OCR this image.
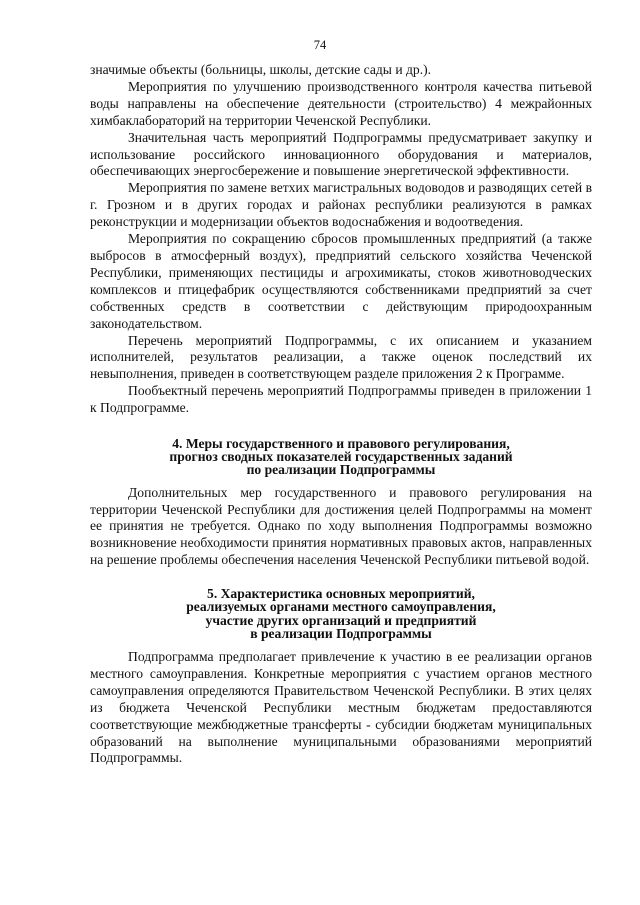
74

значимые объекты (больницы, школы, детские сады и др.).

Мероприятия по улучшению производственного контроля качества питьевой воды направлены на обеспечение деятельности (строительство) 4 межрайонных химбаклабораторий на территории Чеченской Республики.

Значительная часть мероприятий Подпрограммы предусматривает закупку и использование российского инновационного оборудования и материалов, обеспечивающих энергосбережение и повышение энергетической эффективности.

Мероприятия по замене ветхих магистральных водоводов и разводящих сетей в г. Грозном и в других городах и районах республики реализуются в рамках реконструкции и модернизации объектов водоснабжения и водоотведения.

Мероприятия по сокращению сбросов промышленных предприятий (а также выбросов в атмосферный воздух), предприятий сельского хозяйства Чеченской Республики, применяющих пестициды и агрохимикаты, стоков животноводческих комплексов и птицефабрик осуществляются собственниками предприятий за счет собственных средств в соответствии с действующим природоохранным законодательством.

Перечень мероприятий Подпрограммы, с их описанием и указанием исполнителей, результатов реализации, а также оценок последствий их невыполнения, приведен в соответствующем разделе приложения 2 к Программе.

Пообъектный перечень мероприятий Подпрограммы приведен в приложении 1 к Подпрограмме.

4. Меры государственного и правового регулирования,
прогноз сводных показателей государственных заданий
по реализации Подпрограммы

Дополнительных мер государственного и правового регулирования на территории Чеченской Республики для достижения целей Подпрограммы на момент ее принятия не требуется. Однако по ходу выполнения Подпрограммы возможно возникновение необходимости принятия нормативных правовых актов, направленных на решение проблемы обеспечения населения Чеченской Республики питьевой водой.

5. Характеристика основных мероприятий,
реализуемых органами местного самоуправления,
участие других организаций и предприятий
в реализации Подпрограммы

Подпрограмма предполагает привлечение к участию в ее реализации органов местного самоуправления. Конкретные мероприятия с участием органов местного самоуправления определяются Правительством Чеченской Республики. В этих целях из бюджета Чеченской Республики местным бюджетам предоставляются соответствующие межбюджетные трансферты - субсидии бюджетам муниципальных образований на выполнение муниципальными образованиями мероприятий Подпрограммы.
